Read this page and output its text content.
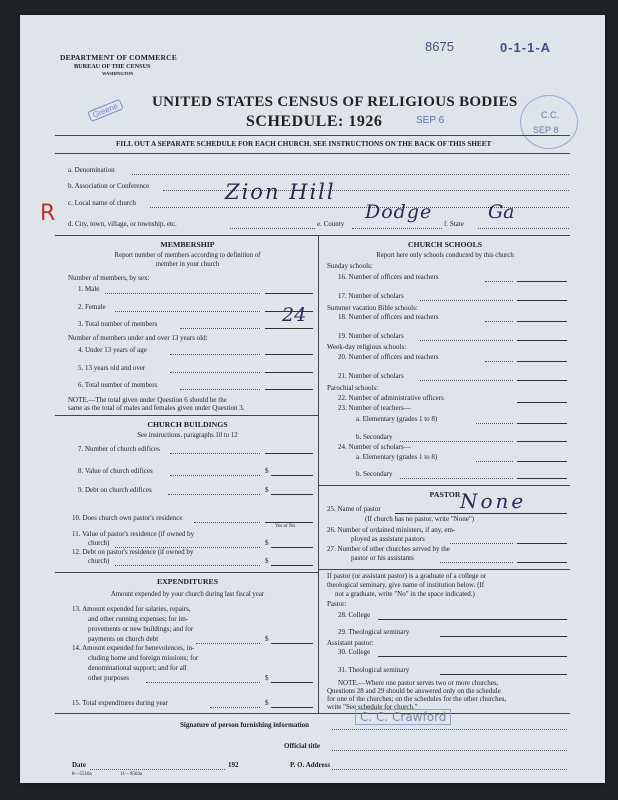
DEPARTMENT OF COMMERCE
BUREAU OF THE CENSUS
WASHINGTON
0-1-1-A
8675
Greene UNITED STATES CENSUS OF RELIGIOUS BODIES
SCHEDULE: 1926	SEP 6	C.C.
SEP 8
FILL OUT A SEPARATE SCHEDULE FOR EACH CHURCH. SEE INSTRUCTIONS ON THE BACK OF THIS SHEET
a. Denomination
b. Association or Conference
c. Local name of church	Zion Hill
R d. City, town, village, or township, etc.	e. County
Dodge
f. State
Ga
MEMBERSHIP
Report number of members according to definition of
member in your church
Number of members, by sex:
1. Male
2. Female
3. Total number of members	24
Number of members under and over 13 years old:
4. Under 13 years of age
5. 13 years old and over
6. Total number of members
NOTE.—The total given under Question 6 should be the
same as the total of males and females given under Question 3.
CHURCH BUILDINGS
See instructions, paragraphs 10 to 12
7. Number of church edifices
8. Value of church edifices	$
9. Debt on church edifices	$
10. Does church own pastor's residence
Yes or No
11. Value of pastor's residence (if owned by
church)	$
12. Debt on pastor's residence (if owned by
church)	$
EXPENDITURES
Amount expended by your church during last fiscal year
13. Amount expended for salaries, repairs,
and other running expenses; for im-
provements or new buildings; and for
payments on church debt	$
14. Amount expended for benevolences, in-
cluding home and foreign missions; for
denominational support; and for all
other purposes	$
15. Total expenditures during year	$
CHURCH SCHOOLS
Report here only schools conducted by this church
Sunday schools:
16. Number of officers and teachers
17. Number of scholars
Summer vacation Bible schools:
18. Number of officers and teachers
19. Number of scholars
Week-day religious schools:
20. Number of officers and teachers
21. Number of scholars
Parochial schools:
22. Number of administrative officers
23. Number of teachers—
a. Elementary (grades 1 to 8)
b. Secondary
24. Number of scholars—
a. Elementary (grades 1 to 8)
b. Secondary
PASTOR
25. Name of pastor	None
(If church has no pastor, write "None")
26. Number of ordained ministers, if any, em-
ployed as assistant pastors
27. Number of other churches served by the
pastor or his assistants
If pastor (or assistant pastor) is a graduate of a college or
theological seminary, give name of institution below. (If
not a graduate, write "No" in the space indicated.)
Pastor:
28. College
29. Theological seminary
Assistant pastor:
30. College
31. Theological seminary
NOTE.—Where one pastor serves two or more churches,
Questions 28 and 29 should be answered only on the schedule
for one of the churches; on the schedules for the other churches,
write "See schedule for church."
Signature of person furnishing information
C. C. Crawford
Official title
Date	192	P. O. Address
8—5518a	11—9564a
